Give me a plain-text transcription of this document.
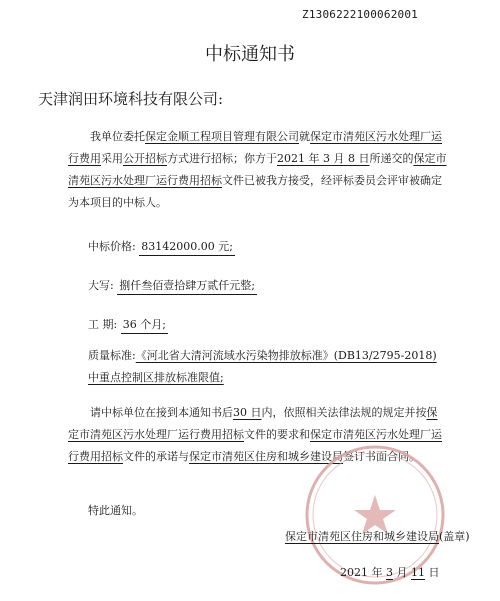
Z1306222100062001
中标通知书
天津润田环境科技有限公司:
我单位委托保定金顺工程项目管理有限公司就保定市清苑区污水处理厂运行费用采用公开招标方式进行招标；你方于2021 年 3 月 8 日所递交的保定市清苑区污水处理厂运行费用招标文件已被我方接受，经评标委员会评审被确定为本项目的中标人。
中标价格: 83142000.00 元;
大写: 捌仟叁佰壹拾肆万贰仟元整;
工 期: 36 个月;
质量标准:《河北省大清河流域水污染物排放标准》(DB13/2795-2018)中重点控制区排放标准限值;
请中标单位在接到本通知书后30 日内，依照相关法律法规的规定并按保定市清苑区污水处理厂运行费用招标文件的要求和保定市清苑区污水处理厂运行费用招标文件的承诺与保定市清苑区住房和城乡建设局签订书面合同。
特此通知。
保定市清苑区住房和城乡建设局(盖章)
2021 年 3 月 11 日
